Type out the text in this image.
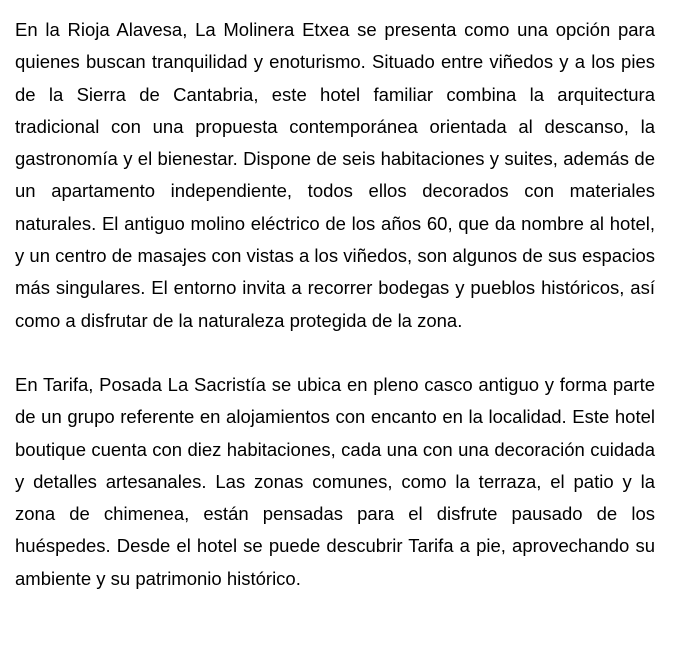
En la Rioja Alavesa, La Molinera Etxea se presenta como una opción para quienes buscan tranquilidad y enoturismo. Situado entre viñedos y a los pies de la Sierra de Cantabria, este hotel familiar combina la arquitectura tradicional con una propuesta contemporánea orientada al descanso, la gastronomía y el bienestar. Dispone de seis habitaciones y suites, además de un apartamento independiente, todos ellos decorados con materiales naturales. El antiguo molino eléctrico de los años 60, que da nombre al hotel, y un centro de masajes con vistas a los viñedos, son algunos de sus espacios más singulares. El entorno invita a recorrer bodegas y pueblos históricos, así como a disfrutar de la naturaleza protegida de la zona.

En Tarifa, Posada La Sacristía se ubica en pleno casco antiguo y forma parte de un grupo referente en alojamientos con encanto en la localidad. Este hotel boutique cuenta con diez habitaciones, cada una con una decoración cuidada y detalles artesanales. Las zonas comunes, como la terraza, el patio y la zona de chimenea, están pensadas para el disfrute pausado de los huéspedes. Desde el hotel se puede descubrir Tarifa a pie, aprovechando su ambiente y su patrimonio histórico.
